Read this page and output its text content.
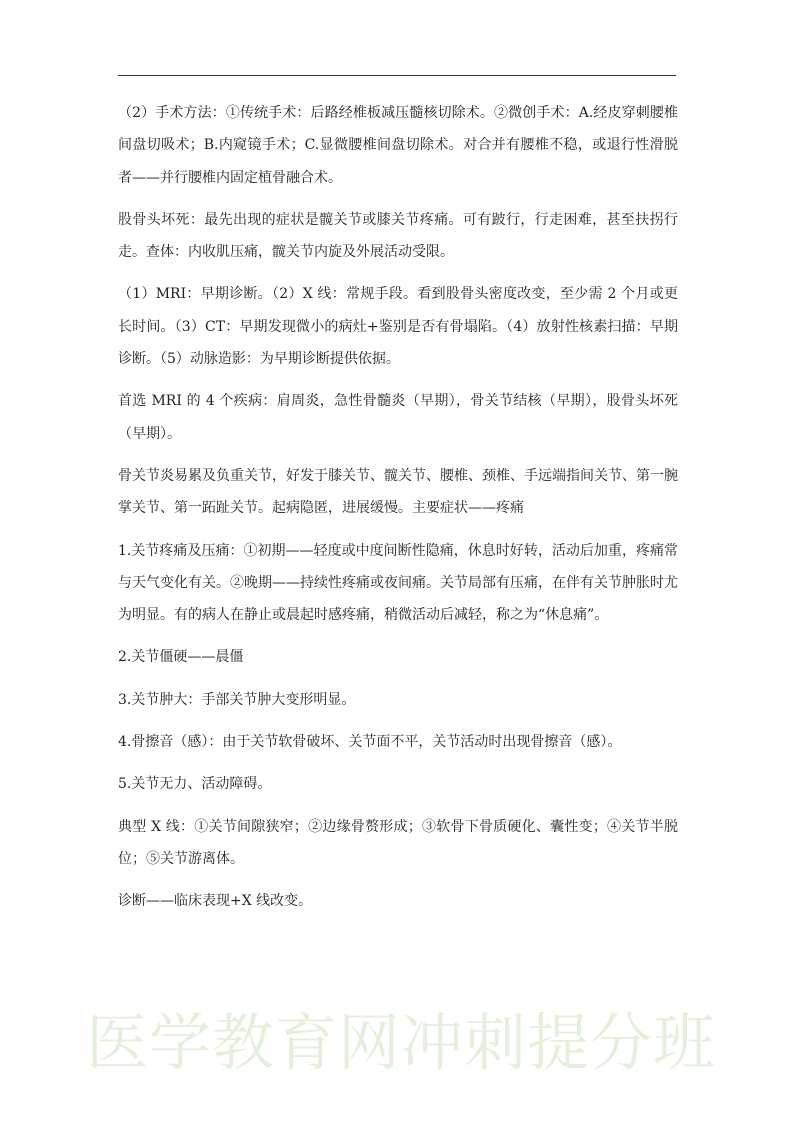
医学教育网冲刺提分班

（2）手术方法：①传统手术：后路经椎板减压髓核切除术。②微创手术：A.经皮穿刺腰椎间盘切吸术；B.内窥镜手术；C.显微腰椎间盘切除术。对合并有腰椎不稳，或退行性滑脱者——并行腰椎内固定植骨融合术。

股骨头坏死：最先出现的症状是髋关节或膝关节疼痛。可有跛行，行走困难，甚至扶拐行走。查体：内收肌压痛，髋关节内旋及外展活动受限。

（1）MRI：早期诊断。（2）X 线：常规手段。看到股骨头密度改变，至少需 2 个月或更长时间。（3）CT：早期发现微小的病灶+鉴别是否有骨塌陷。（4）放射性核素扫描：早期诊断。（5）动脉造影：为早期诊断提供依据。

首选 MRI 的 4 个疾病：肩周炎，急性骨髓炎（早期），骨关节结核（早期），股骨头坏死（早期）。

骨关节炎易累及负重关节，好发于膝关节、髋关节、腰椎、颈椎、手远端指间关节、第一腕掌关节、第一跖趾关节。起病隐匿，进展缓慢。主要症状——疼痛

1.关节疼痛及压痛：①初期——轻度或中度间断性隐痛，休息时好转，活动后加重，疼痛常与天气变化有关。②晚期——持续性疼痛或夜间痛。关节局部有压痛，在伴有关节肿胀时尤为明显。有的病人在静止或晨起时感疼痛，稍微活动后减轻，称之为“休息痛”。

2.关节僵硬——晨僵

3.关节肿大：手部关节肿大变形明显。

4.骨擦音（感）：由于关节软骨破坏、关节面不平，关节活动时出现骨擦音（感）。

5.关节无力、活动障碍。

典型 X 线：①关节间隙狭窄；②边缘骨赘形成；③软骨下骨质硬化、囊性变；④关节半脱位；⑤关节游离体。

诊断——临床表现+X 线改变。
